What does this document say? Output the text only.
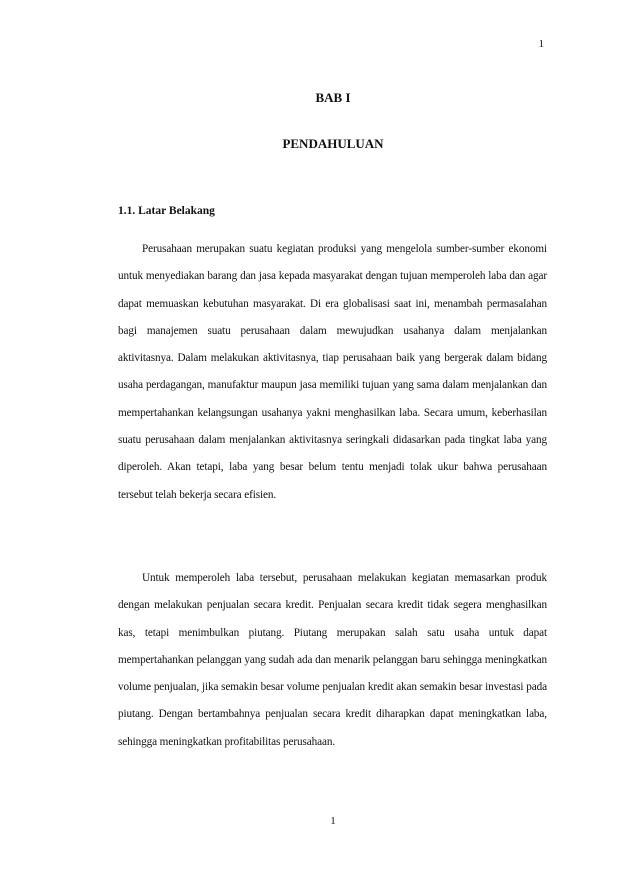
1
BAB I
PENDAHULUAN
1.1. Latar Belakang

Perusahaan merupakan suatu kegiatan produksi yang mengelola sumber-sumber ekonomi untuk menyediakan barang dan jasa kepada masyarakat dengan tujuan memperoleh laba dan agar dapat memuaskan kebutuhan masyarakat. Di era globalisasi saat ini, menambah permasalahan bagi manajemen suatu perusahaan dalam mewujudkan usahanya dalam menjalankan aktivitasnya. Dalam melakukan aktivitasnya, tiap perusahaan baik yang bergerak dalam bidang usaha perdagangan, manufaktur maupun jasa memiliki tujuan yang sama dalam menjalankan dan mempertahankan kelangsungan usahanya yakni menghasilkan laba. Secara umum, keberhasilan suatu perusahaan dalam menjalankan aktivitasnya seringkali didasarkan pada tingkat laba yang diperoleh. Akan tetapi, laba yang besar belum tentu menjadi tolak ukur bahwa perusahaan tersebut telah bekerja secara efisien.

Untuk memperoleh laba tersebut, perusahaan melakukan kegiatan memasarkan produk dengan melakukan penjualan secara kredit. Penjualan secara kredit tidak segera menghasilkan kas, tetapi menimbulkan piutang. Piutang merupakan salah satu usaha untuk dapat mempertahankan pelanggan yang sudah ada dan menarik pelanggan baru sehingga meningkatkan volume penjualan, jika semakin besar volume penjualan kredit akan semakin besar investasi pada piutang. Dengan bertambahnya penjualan secara kredit diharapkan dapat meningkatkan laba, sehingga meningkatkan profitabilitas perusahaan.

1
